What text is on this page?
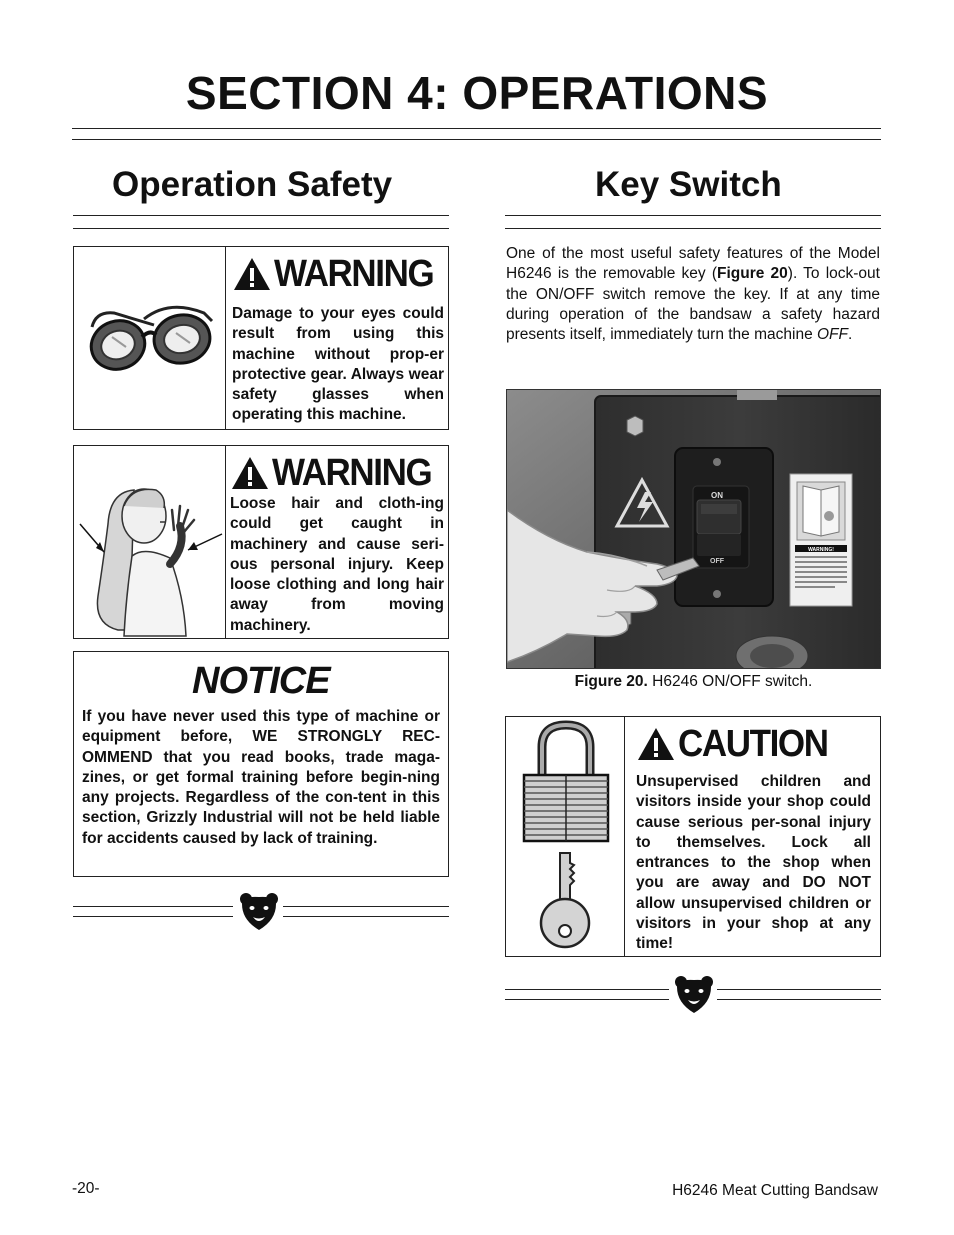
SECTION 4: OPERATIONS
Operation Safety
WARNING
Damage to your eyes could result from using this machine without prop-er protective gear. Always wear safety glasses when operating this machine.
WARNING
Loose hair and cloth-ing could get caught in machinery and cause seri-ous personal injury. Keep loose clothing and long hair away from moving machinery.
NOTICE
If you have never used this type of machine or equipment before, WE STRONGLY REC-OMMEND that you read books, trade maga-zines, or get formal training before begin-ning any projects. Regardless of the con-tent in this section, Grizzly Industrial will not be held liable for accidents caused by lack of training.
Key Switch
One of the most useful safety features of the Model H6246 is the removable key (Figure 20). To lock-out the ON/OFF switch remove the key. If at any time during operation of the bandsaw a safety hazard presents itself, immediately turn the machine OFF.
ON
OFF
WARNING!
Figure 20. H6246 ON/OFF switch.
CAUTION
Unsupervised children and visitors inside your shop could cause serious per-sonal injury to themselves. Lock all entrances to the shop when you are away and DO NOT allow unsupervised children or visitors in your shop at any time!
-20-	H6246 Meat Cutting Bandsaw
